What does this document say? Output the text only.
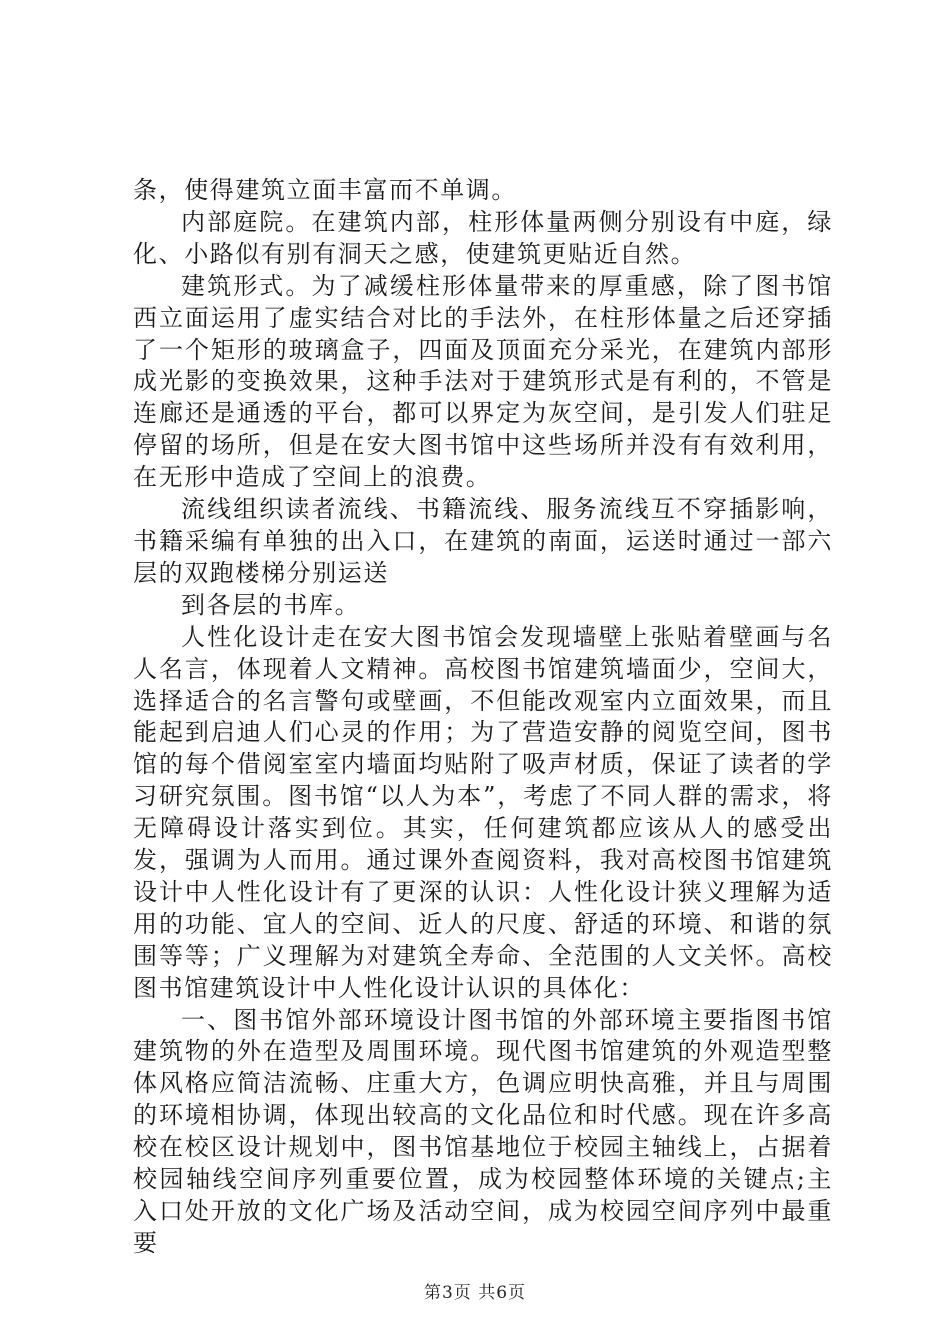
条，使得建筑立面丰富而不单调。

内部庭院。在建筑内部，柱形体量两侧分别设有中庭，绿化、小路似有别有洞天之感，使建筑更贴近自然。

建筑形式。为了减缓柱形体量带来的厚重感，除了图书馆西立面运用了虚实结合对比的手法外，在柱形体量之后还穿插了一个矩形的玻璃盒子，四面及顶面充分采光，在建筑内部形成光影的变换效果，这种手法对于建筑形式是有利的，不管是连廊还是通透的平台，都可以界定为灰空间，是引发人们驻足停留的场所，但是在安大图书馆中这些场所并没有有效利用，在无形中造成了空间上的浪费。

流线组织读者流线、书籍流线、服务流线互不穿插影响，书籍采编有单独的出入口，在建筑的南面，运送时通过一部六层的双跑楼梯分别运送

到各层的书库。

人性化设计走在安大图书馆会发现墙壁上张贴着壁画与名人名言，体现着人文精神。高校图书馆建筑墙面少，空间大，选择适合的名言警句或壁画，不但能改观室内立面效果，而且能起到启迪人们心灵的作用；为了营造安静的阅览空间，图书馆的每个借阅室室内墙面均贴附了吸声材质，保证了读者的学习研究氛围。图书馆“以人为本”，考虑了不同人群的需求，将无障碍设计落实到位。其实，任何建筑都应该从人的感受出发，强调为人而用。通过课外查阅资料，我对高校图书馆建筑设计中人性化设计有了更深的认识：人性化设计狭义理解为适用的功能、宜人的空间、近人的尺度、舒适的环境、和谐的氛围等等；广义理解为对建筑全寿命、全范围的人文关怀。高校图书馆建筑设计中人性化设计认识的具体化：

一、图书馆外部环境设计图书馆的外部环境主要指图书馆建筑物的外在造型及周围环境。现代图书馆建筑的外观造型整体风格应简洁流畅、庄重大方，色调应明快高雅，并且与周围的环境相协调，体现出较高的文化品位和时代感。现在许多高校在校区设计规划中，图书馆基地位于校园主轴线上，占据着校园轴线空间序列重要位置，成为校园整体环境的关键点;主入口处开放的文化广场及活动空间，成为校园空间序列中最重要

第3页 共6页
